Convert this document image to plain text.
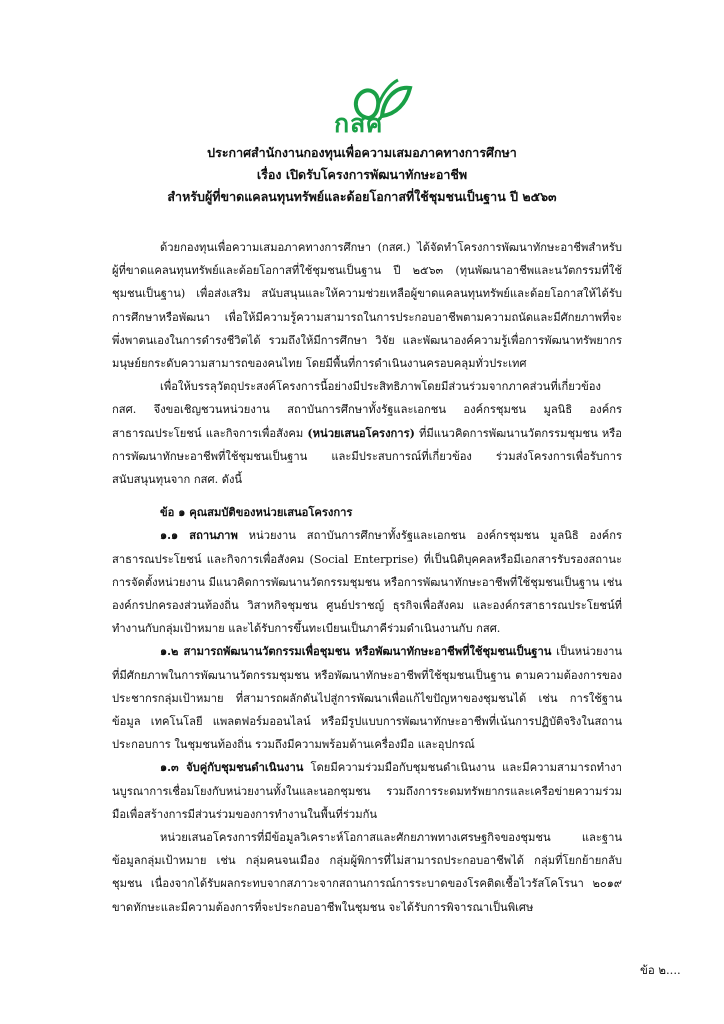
กสศ
ประกาศสำนักงานกองทุนเพื่อความเสมอภาคทางการศึกษา
เรื่อง เปิดรับโครงการพัฒนาทักษะอาชีพ
สำหรับผู้ที่ขาดแคลนทุนทรัพย์และด้อยโอกาสที่ใช้ชุมชนเป็นฐาน ปี ๒๕๖๓

ด้วยกองทุนเพื่อความเสมอภาคทางการศึกษา (กสศ.) ได้จัดทำโครงการพัฒนาทักษะอาชีพสำหรับผู้ที่ขาดแคลนทุนทรัพย์และด้อยโอกาสที่ใช้ชุมชนเป็นฐาน ปี ๒๕๖๓ (ทุนพัฒนาอาชีพและนวัตกรรมที่ใช้ชุมชนเป็นฐาน) เพื่อส่งเสริม สนับสนุนและให้ความช่วยเหลือผู้ขาดแคลนทุนทรัพย์และด้อยโอกาสให้ได้รับการศึกษาหรือพัฒนา เพื่อให้มีความรู้ความสามารถในการประกอบอาชีพตามความถนัดและมีศักยภาพที่จะพึ่งพาตนเองในการดำรงชีวิตได้ รวมถึงให้มีการศึกษา วิจัย และพัฒนาองค์ความรู้เพื่อการพัฒนาทรัพยากรมนุษย์ยกระดับความสามารถของคนไทย โดยมีพื้นที่การดำเนินงานครอบคลุมทั่วประเทศ

เพื่อให้บรรลุวัตถุประสงค์โครงการนี้อย่างมีประสิทธิภาพโดยมีส่วนร่วมจากภาคส่วนที่เกี่ยวข้อง กสศ. จึงขอเชิญชวนหน่วยงาน สถาบันการศึกษาทั้งรัฐและเอกชน องค์กรชุมชน มูลนิธิ องค์กรสาธารณประโยชน์ และกิจการเพื่อสังคม (หน่วยเสนอโครงการ) ที่มีแนวคิดการพัฒนานวัตกรรมชุมชน หรือการพัฒนาทักษะอาชีพที่ใช้ชุมชนเป็นฐาน และมีประสบการณ์ที่เกี่ยวข้อง ร่วมส่งโครงการเพื่อรับการสนับสนุนทุนจาก กสศ. ดังนี้

ข้อ ๑ คุณสมบัติของหน่วยเสนอโครงการ

๑.๑ สถานภาพ หน่วยงาน สถาบันการศึกษาทั้งรัฐและเอกชน องค์กรชุมชน มูลนิธิ องค์กรสาธารณประโยชน์ และกิจการเพื่อสังคม (Social Enterprise) ที่เป็นนิติบุคคลหรือมีเอกสารรับรองสถานะการจัดตั้งหน่วยงาน มีแนวคิดการพัฒนานวัตกรรมชุมชน หรือการพัฒนาทักษะอาชีพที่ใช้ชุมชนเป็นฐาน เช่น องค์กรปกครองส่วนท้องถิ่น วิสาหกิจชุมชน ศูนย์ปราชญ์ ธุรกิจเพื่อสังคม และองค์กรสาธารณประโยชน์ที่ทำงานกับกลุ่มเป้าหมาย และได้รับการขึ้นทะเบียนเป็นภาคีร่วมดำเนินงานกับ กสศ.

๑.๒ สามารถพัฒนานวัตกรรมเพื่อชุมชน หรือพัฒนาทักษะอาชีพที่ใช้ชุมชนเป็นฐาน เป็นหน่วยงานที่มีศักยภาพในการพัฒนานวัตกรรมชุมชน หรือพัฒนาทักษะอาชีพที่ใช้ชุมชนเป็นฐาน ตามความต้องการของประชากรกลุ่มเป้าหมาย ที่สามารถผลักดันไปสู่การพัฒนาเพื่อแก้ไขปัญหาของชุมชนได้ เช่น การใช้ฐานข้อมูล เทคโนโลยี แพลตฟอร์มออนไลน์ หรือมีรูปแบบการพัฒนาทักษะอาชีพที่เน้นการปฏิบัติจริงในสถานประกอบการ ในชุมชนท้องถิ่น รวมถึงมีความพร้อมด้านเครื่องมือ และอุปกรณ์

๑.๓ จับคู่กับชุมชนดำเนินงาน โดยมีความร่วมมือกับชุมชนดำเนินงาน และมีความสามารถทำงานบูรณาการเชื่อมโยงกับหน่วยงานทั้งในและนอกชุมชน รวมถึงการระดมทรัพยากรและเครือข่ายความร่วมมือเพื่อสร้างการมีส่วนร่วมของการทำงานในพื้นที่ร่วมกัน

หน่วยเสนอโครงการที่มีข้อมูลวิเคราะห์โอกาสและศักยภาพทางเศรษฐกิจของชุมชน และฐานข้อมูลกลุ่มเป้าหมาย เช่น กลุ่มคนจนเมือง กลุ่มผู้พิการที่ไม่สามารถประกอบอาชีพได้ กลุ่มที่โยกย้ายกลับชุมชน เนื่องจากได้รับผลกระทบจากสภาวะจากสถานการณ์การระบาดของโรคติดเชื้อไวรัสโคโรนา ๒๐๑๙ ขาดทักษะและมีความต้องการที่จะประกอบอาชีพในชุมชน จะได้รับการพิจารณาเป็นพิเศษ

ข้อ ๒....
